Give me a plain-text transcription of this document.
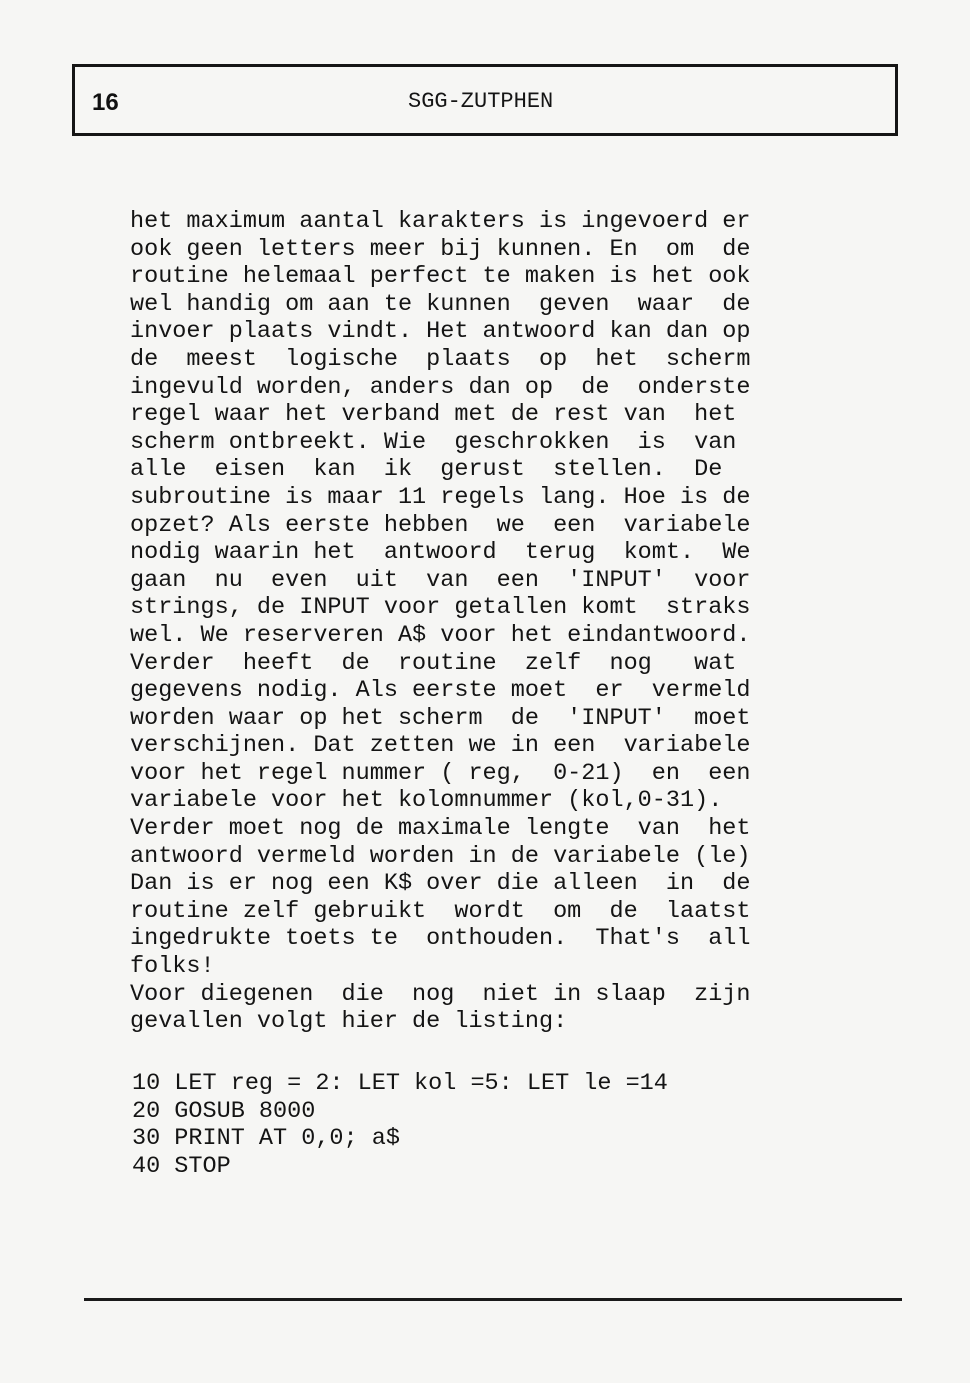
16	SGG-ZUTPHEN
het maximum aantal karakters is ingevoerd er
ook geen letters meer bij kunnen. En  om  de
routine helemaal perfect te maken is het ook
wel handig om aan te kunnen  geven  waar  de
invoer plaats vindt. Het antwoord kan dan op
de  meest  logische  plaats  op  het  scherm
ingevuld worden, anders dan op  de  onderste
regel waar het verband met de rest van  het
scherm ontbreekt. Wie  geschrokken  is  van
alle  eisen  kan  ik  gerust  stellen.  De
subroutine is maar 11 regels lang. Hoe is de
opzet? Als eerste hebben  we  een  variabele
nodig waarin het  antwoord  terug  komt.  We
gaan  nu  even  uit  van  een  'INPUT'  voor
strings, de INPUT voor getallen komt  straks
wel. We reserveren A$ voor het eindantwoord.
Verder  heeft  de  routine  zelf  nog   wat
gegevens nodig. Als eerste moet  er  vermeld
worden waar op het scherm  de  'INPUT'  moet
verschijnen. Dat zetten we in een  variabele
voor het regel nummer ( reg,  0-21)  en  een
variabele voor het kolomnummer (kol,0-31).
Verder moet nog de maximale lengte  van  het
antwoord vermeld worden in de variabele (le)
Dan is er nog een K$ over die alleen  in  de
routine zelf gebruikt  wordt  om  de  laatst
ingedrukte toets te  onthouden.  That's  all
folks!
Voor diegenen  die  nog  niet in slaap  zijn
gevallen volgt hier de listing:
10 LET reg = 2: LET kol =5: LET le =14
20 GOSUB 8000
30 PRINT AT 0,0; a$
40 STOP
